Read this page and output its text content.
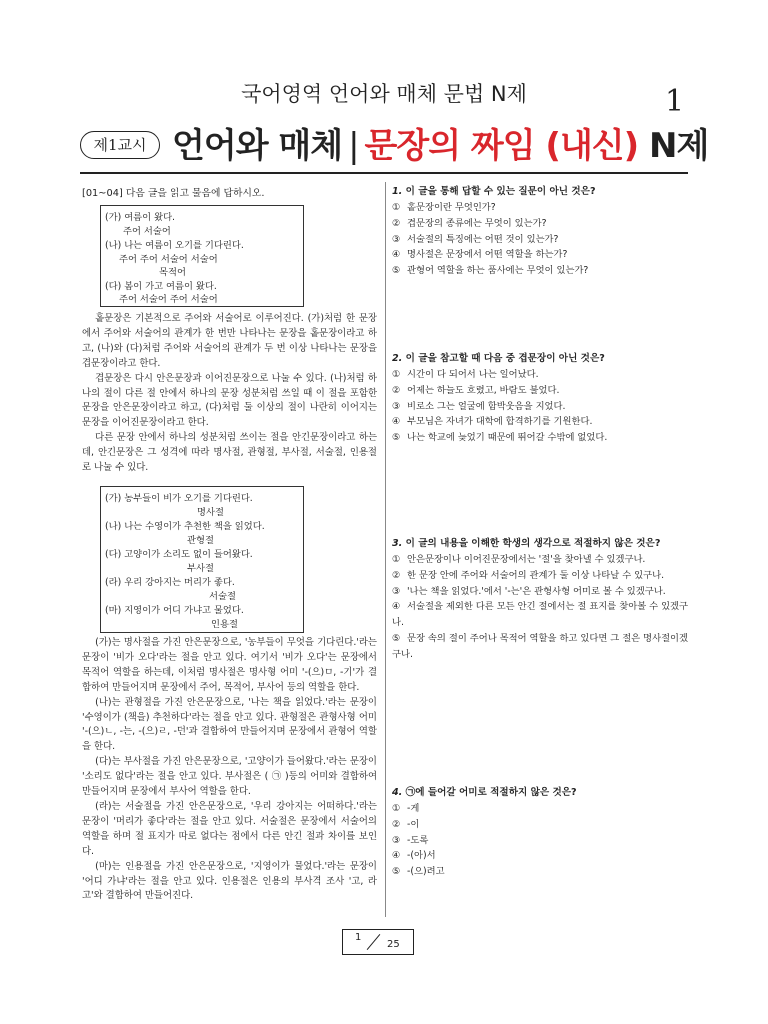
국어영역 언어와 매체 문법 N제	1
제1교시 언어와 매체 | 문장의 짜임 (내신) N제
[01~04] 다음 글을 읽고 물음에 답하시오.
(가) 여름이 왔다.
주어 서술어
(나) 나는 여름이 오기를 기다린다.
주어 주어 서술어 서술어
목적어
(다) 봄이 가고 여름이 왔다.
주어 서술어 주어 서술어

홑문장은 기본적으로 주어와 서술어로 이루어진다. (가)처럼 한 문장에서 주어와 서술어의 관계가 한 번만 나타나는 문장을 홑문장이라고 하고, (나)와 (다)처럼 주어와 서술어의 관계가 두 번 이상 나타나는 문장을 겹문장이라고 한다.

겹문장은 다시 안은문장과 이어진문장으로 나눌 수 있다. (나)처럼 하나의 절이 다른 절 안에서 하나의 문장 성분처럼 쓰일 때 이 절을 포함한 문장을 안은문장이라고 하고, (다)처럼 둘 이상의 절이 나란히 이어지는 문장을 이어진문장이라고 한다.

다른 문장 안에서 하나의 성분처럼 쓰이는 절을 안긴문장이라고 하는데, 안긴문장은 그 성격에 따라 명사절, 관형절, 부사절, 서술절, 인용절로 나눌 수 있다.

(가) 농부들이 비가 오기를 기다린다.
명사절
(나) 나는 수영이가 추천한 책을 읽었다.
관형절
(다) 고양이가 소리도 없이 들어왔다.
부사절
(라) 우리 강아지는 머리가 좋다.
서술절
(마) 지영이가 어디 가냐고 물었다.
인용절

(가)는 명사절을 가진 안은문장으로, '농부들이 무엇을 기다린다.'라는 문장이 '비가 오다'라는 절을 안고 있다. 여기서 '비가 오다'는 문장에서 목적어 역할을 하는데, 이처럼 명사절은 명사형 어미 '-(으)ㅁ, -기'가 결합하여 만들어지며 문장에서 주어, 목적어, 부사어 등의 역할을 한다.

(나)는 관형절을 가진 안은문장으로, '나는 책을 읽었다.'라는 문장이 '수영이가 (책을) 추천하다'라는 절을 안고 있다. 관형절은 관형사형 어미 '-(으)ㄴ, -는, -(으)ㄹ, -던'과 결합하여 만들어지며 문장에서 관형어 역할을 한다.

(다)는 부사절을 가진 안은문장으로, '고양이가 들어왔다.'라는 문장이 '소리도 없다'라는 절을 안고 있다. 부사절은 ( ㉠ )등의 어미와 결합하여 만들어지며 문장에서 부사어 역할을 한다.

(라)는 서술절을 가진 안은문장으로, '우리 강아지는 어떠하다.'라는 문장이 '머리가 좋다'라는 절을 안고 있다. 서술절은 문장에서 서술어의 역할을 하며 절 표지가 따로 없다는 점에서 다른 안긴 절과 차이를 보인다.

(마)는 인용절을 가진 안은문장으로, '지영이가 물었다.'라는 문장이 '어디 가냐'라는 절을 안고 있다. 인용절은 인용의 부사격 조사 '고, 라고'와 결합하여 만들어진다.

1. 이 글을 통해 답할 수 있는 질문이 아닌 것은?
① 홑문장이란 무엇인가?
② 겹문장의 종류에는 무엇이 있는가?
③ 서술절의 특징에는 어떤 것이 있는가?
④ 명사절은 문장에서 어떤 역할을 하는가?
⑤ 관형어 역할을 하는 품사에는 무엇이 있는가?
2. 이 글을 참고할 때 다음 중 겹문장이 아닌 것은?
① 시간이 다 되어서 나는 일어났다.
② 어제는 하늘도 흐렸고, 바람도 불었다.
③ 비로소 그는 얼굴에 함박웃음을 지었다.
④ 부모님은 자녀가 대학에 합격하기를 기원한다.
⑤ 나는 학교에 늦었기 때문에 뛰어갈 수밖에 없었다.
3. 이 글의 내용을 이해한 학생의 생각으로 적절하지 않은 것은?
① 안은문장이나 이어진문장에서는 '절'을 찾아낼 수 있겠구나.
② 한 문장 안에 주어와 서술어의 관계가 둘 이상 나타날 수 있구나.
③ '나는 책을 읽었다.'에서 '-는'은 관형사형 어미로 볼 수 있겠구나.
④ 서술절을 제외한 다른 모든 안긴 절에서는 절 표지를 찾아볼 수 있겠구나.
⑤ 문장 속의 절이 주어나 목적어 역할을 하고 있다면 그 절은 명사절이겠구나.
4. ㉠에 들어갈 어미로 적절하지 않은 것은?
① -게
② -이
③ -도록
④ -(아)서
⑤ -(으)려고
1
25
